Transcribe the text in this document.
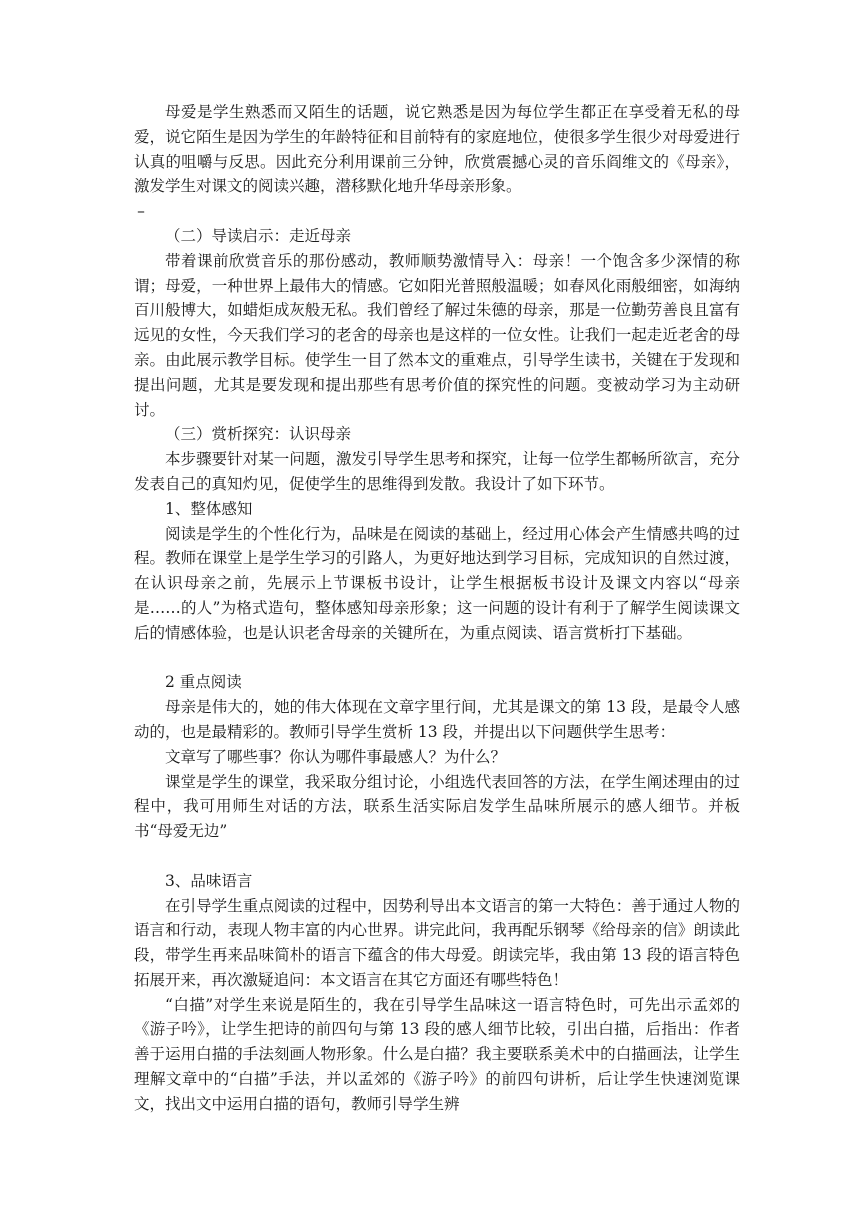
母爱是学生熟悉而又陌生的话题，说它熟悉是因为每位学生都正在享受着无私的母爱，说它陌生是因为学生的年龄特征和目前特有的家庭地位，使很多学生很少对母爱进行认真的咀嚼与反思。因此充分利用课前三分钟，欣赏震撼心灵的音乐阎维文的《母亲》，激发学生对课文的阅读兴趣，潜移默化地升华母亲形象。

–

（二）导读启示：走近母亲

带着课前欣赏音乐的那份感动，教师顺势激情导入：母亲！一个饱含多少深情的称谓；母爱，一种世界上最伟大的情感。它如阳光普照般温暖；如春风化雨般细密，如海纳百川般博大，如蜡炬成灰般无私。我们曾经了解过朱德的母亲，那是一位勤劳善良且富有远见的女性，今天我们学习的老舍的母亲也是这样的一位女性。让我们一起走近老舍的母亲。由此展示教学目标。使学生一目了然本文的重难点，引导学生读书，关键在于发现和提出问题，尤其是要发现和提出那些有思考价值的探究性的问题。变被动学习为主动研讨。

（三）赏析探究：认识母亲

本步骤要针对某一问题，激发引导学生思考和探究，让每一位学生都畅所欲言，充分发表自己的真知灼见，促使学生的思维得到发散。我设计了如下环节。

1、整体感知

阅读是学生的个性化行为，品味是在阅读的基础上，经过用心体会产生情感共鸣的过程。教师在课堂上是学生学习的引路人，为更好地达到学习目标，完成知识的自然过渡，在认识母亲之前，先展示上节课板书设计，让学生根据板书设计及课文内容以“母亲是……的人”为格式造句，整体感知母亲形象；这一问题的设计有利于了解学生阅读课文后的情感体验，也是认识老舍母亲的关键所在，为重点阅读、语言赏析打下基础。

2 重点阅读

母亲是伟大的，她的伟大体现在文章字里行间，尤其是课文的第 13 段，是最令人感动的，也是最精彩的。教师引导学生赏析 13 段，并提出以下问题供学生思考：

文章写了哪些事？你认为哪件事最感人？为什么？

课堂是学生的课堂，我采取分组讨论，小组选代表回答的方法，在学生阐述理由的过程中，我可用师生对话的方法，联系生活实际启发学生品味所展示的感人细节。并板书“母爱无边”

3、品味语言

在引导学生重点阅读的过程中，因势利导出本文语言的第一大特色：善于通过人物的语言和行动，表现人物丰富的内心世界。讲完此问，我再配乐钢琴《给母亲的信》朗读此段，带学生再来品味简朴的语言下蕴含的伟大母爱。朗读完毕，我由第 13 段的语言特色拓展开来，再次激疑追问：本文语言在其它方面还有哪些特色！

“白描”对学生来说是陌生的，我在引导学生品味这一语言特色时，可先出示孟郊的《游子吟》，让学生把诗的前四句与第 13 段的感人细节比较，引出白描，后指出：作者善于运用白描的手法刻画人物形象。什么是白描？我主要联系美术中的白描画法，让学生理解文章中的“白描”手法，并以孟郊的《游子吟》的前四句讲析，后让学生快速浏览课文，找出文中运用白描的语句，教师引导学生辨
